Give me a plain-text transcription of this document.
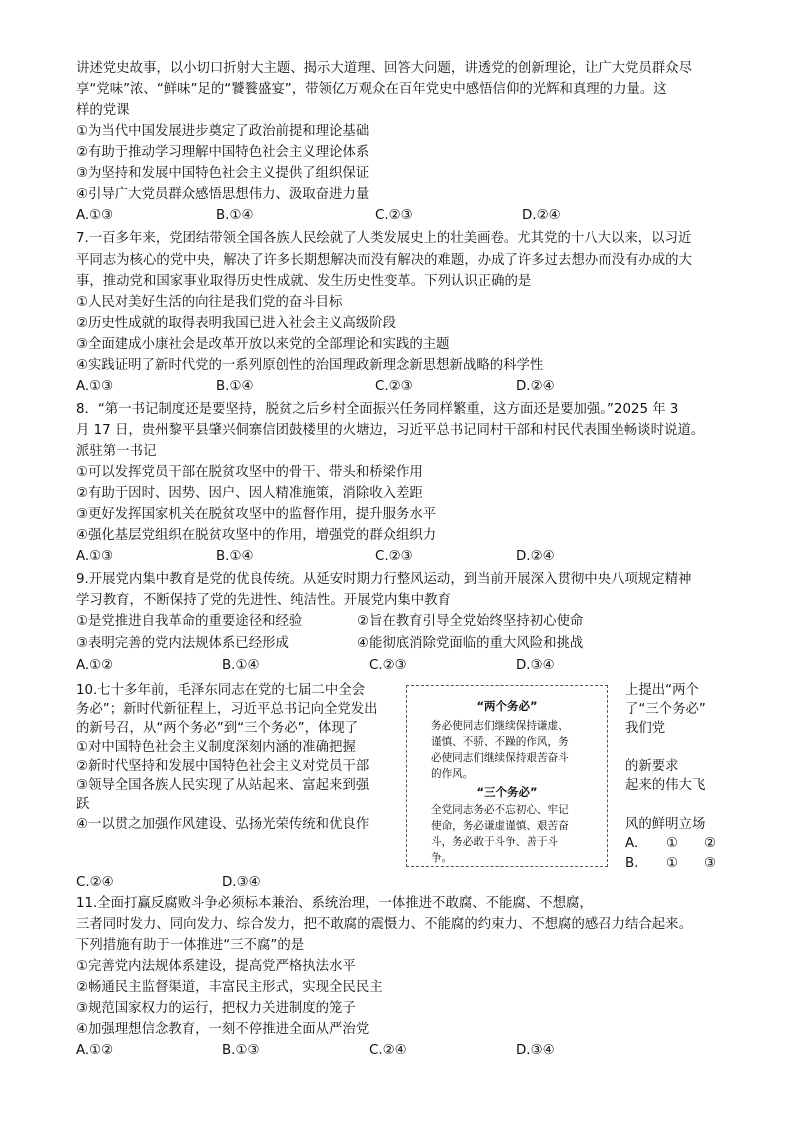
讲述党史故事，以小切口折射大主题、揭示大道理、回答大问题，讲透党的创新理论，让广大党员群众尽
享“党味”浓、“鲜味”足的“饕餮盛宴”，带领亿万观众在百年党史中感悟信仰的光辉和真理的力量。这
样的党课
①为当代中国发展进步奠定了政治前提和理论基础
②有助于推动学习理解中国特色社会主义理论体系
③为坚持和发展中国特色社会主义提供了组织保证
④引导广大党员群众感悟思想伟力、汲取奋进力量
A.①③	B.①④	C.②③	D.②④
7.一百多年来，党团结带领全国各族人民绘就了人类发展史上的壮美画卷。尤其党的十八大以来，以习近
平同志为核心的党中央，解决了许多长期想解决而没有解决的难题，办成了许多过去想办而没有办成的大
事，推动党和国家事业取得历史性成就、发生历史性变革。下列认识正确的是
①人民对美好生活的向往是我们党的奋斗目标
②历史性成就的取得表明我国已进入社会主义高级阶段
③全面建成小康社会是改革开放以来党的全部理论和实践的主题
④实践证明了新时代党的一系列原创性的治国理政新理念新思想新战略的科学性
A.①③	B.①④	C.②③	D.②④
8．“第一书记制度还是要坚持，脱贫之后乡村全面振兴任务同样繁重，这方面还是要加强。”2025 年 3
月 17 日，贵州黎平县肇兴侗寨信团鼓楼里的火塘边，习近平总书记同村干部和村民代表围坐畅谈时说道。
派驻第一书记
①可以发挥党员干部在脱贫攻坚中的骨干、带头和桥梁作用
②有助于因时、因势、因户、因人精准施策，消除收入差距
③更好发挥国家机关在脱贫攻坚中的监督作用，提升服务水平
④强化基层党组织在脱贫攻坚中的作用，增强党的群众组织力
A.①③	B.①④	C.②③	D.②④
9.开展党内集中教育是党的优良传统。从延安时期力行整风运动，到当前开展深入贯彻中央八项规定精神
学习教育，不断保持了党的先进性、纯洁性。开展党内集中教育
①是党推进自我革命的重要途径和经验	②旨在教育引导全党始终坚持初心使命
③表明完善的党内法规体系已经形成	④能彻底消除党面临的重大风险和挑战
A.①②	B.①④	C.②③	D.③④
10.七十多年前，毛泽东同志在党的七届二中全会
务必”；新时代新征程上，习近平总书记向全党发出
的新号召，从“两个务必”到“三个务必”，体现了
①对中国特色社会主义制度深刻内涵的准确把握
②新时代坚持和发展中国特色社会主义对党员干部
③领导全国各族人民实现了从站起来、富起来到强
跃
④一以贯之加强作风建设、弘扬光荣传统和优良作
上提出“两个
了“三个务必”
我们党
的新要求
起来的伟大飞
风的鲜明立场
A. ① ②
B. ① ③
C.②④	D.③④
“两个务必”
务必使同志们继续保持谦虚、谨慎、不骄、不躁的作风，务必使同志们继续保持艰苦奋斗的作风。
“三个务必”
全党同志务必不忘初心、牢记使命，务必谦虚谨慎、艰苦奋斗，务必敢于斗争、善于斗争。
11.全面打赢反腐败斗争必须标本兼治、系统治理，一体推进不敢腐、不能腐、不想腐，
三者同时发力、同向发力、综合发力，把不敢腐的震慑力、不能腐的约束力、不想腐的感召力结合起来。
下列措施有助于一体推进“三不腐”的是
①完善党内法规体系建设，提高党严格执法水平
②畅通民主监督渠道，丰富民主形式，实现全民民主
③规范国家权力的运行，把权力关进制度的笼子
④加强理想信念教育，一刻不停推进全面从严治党
A.①②	B.①③	C.②④	D.③④
